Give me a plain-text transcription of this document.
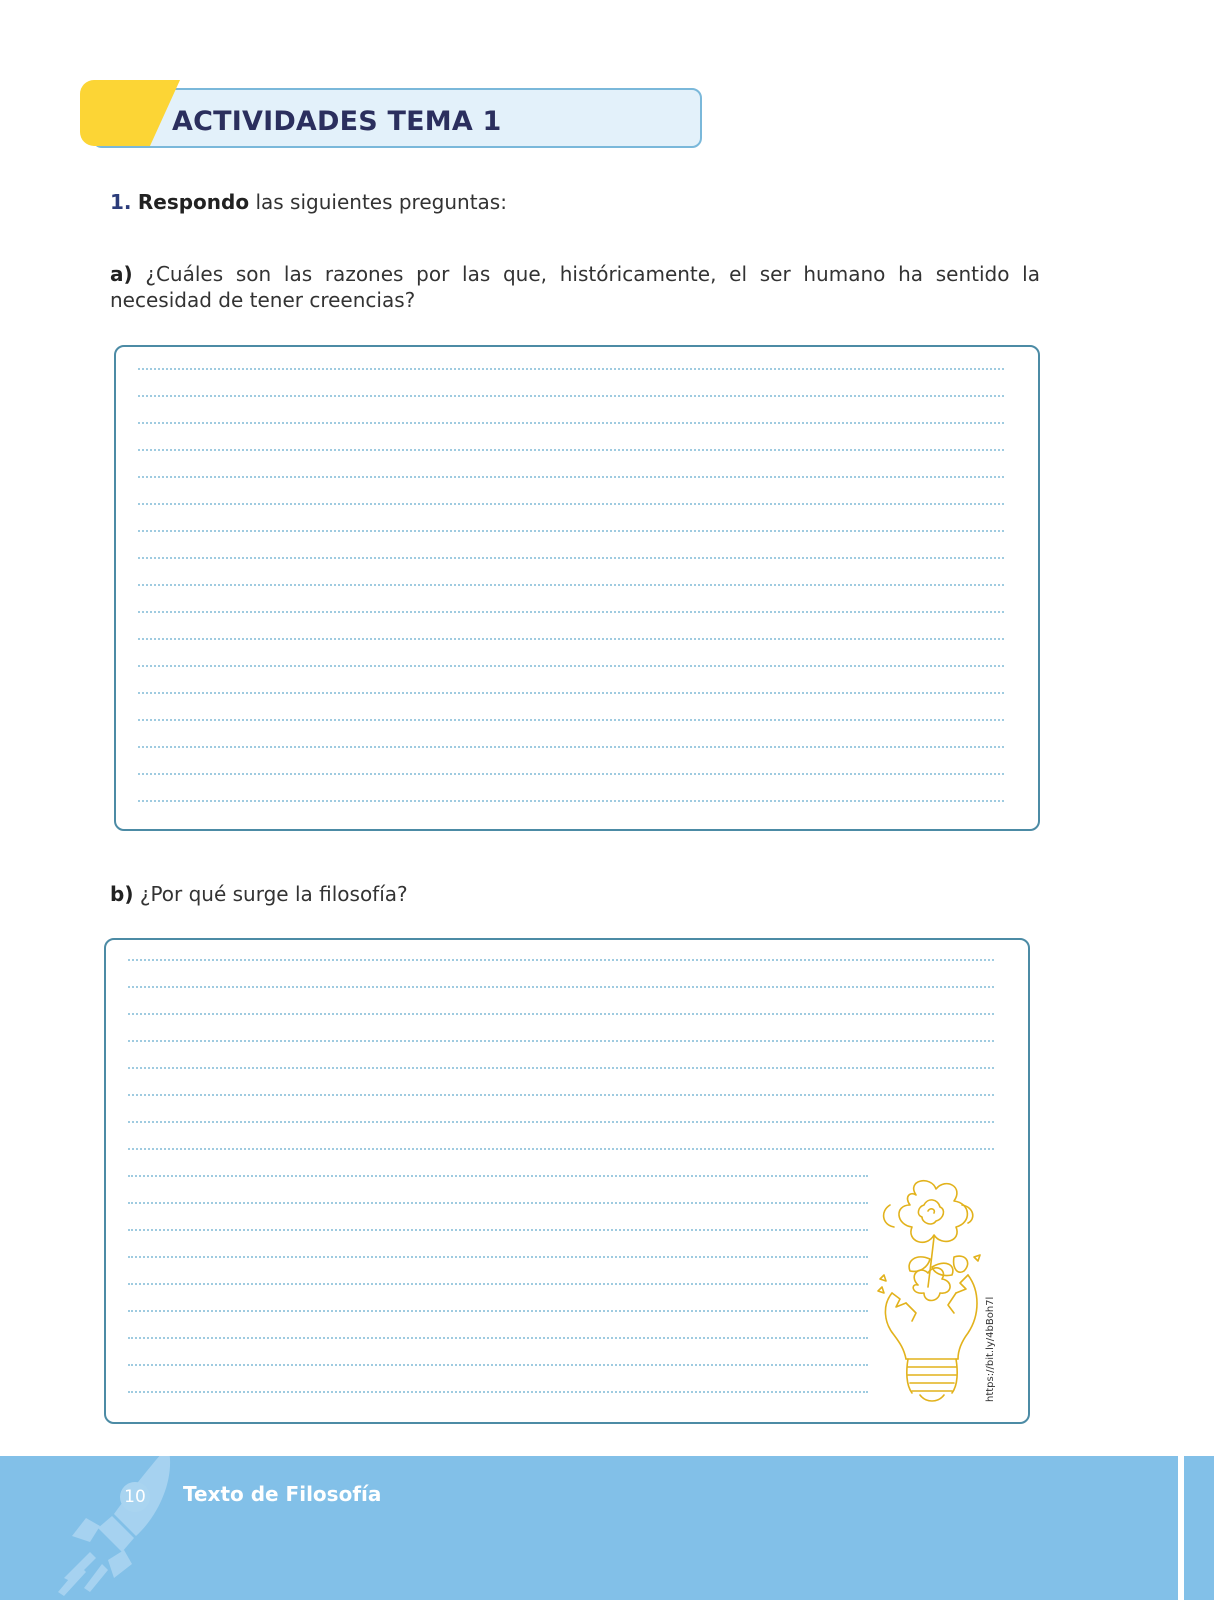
ACTIVIDADES TEMA 1
1. Respondo las siguientes preguntas:
a) ¿Cuáles son las razones por las que, históricamente, el ser humano ha sentido la necesidad de tener creencias?
b) ¿Por qué surge la filosofía?
https://bit.ly/4bBoh7l
10 Texto de Filosofía
